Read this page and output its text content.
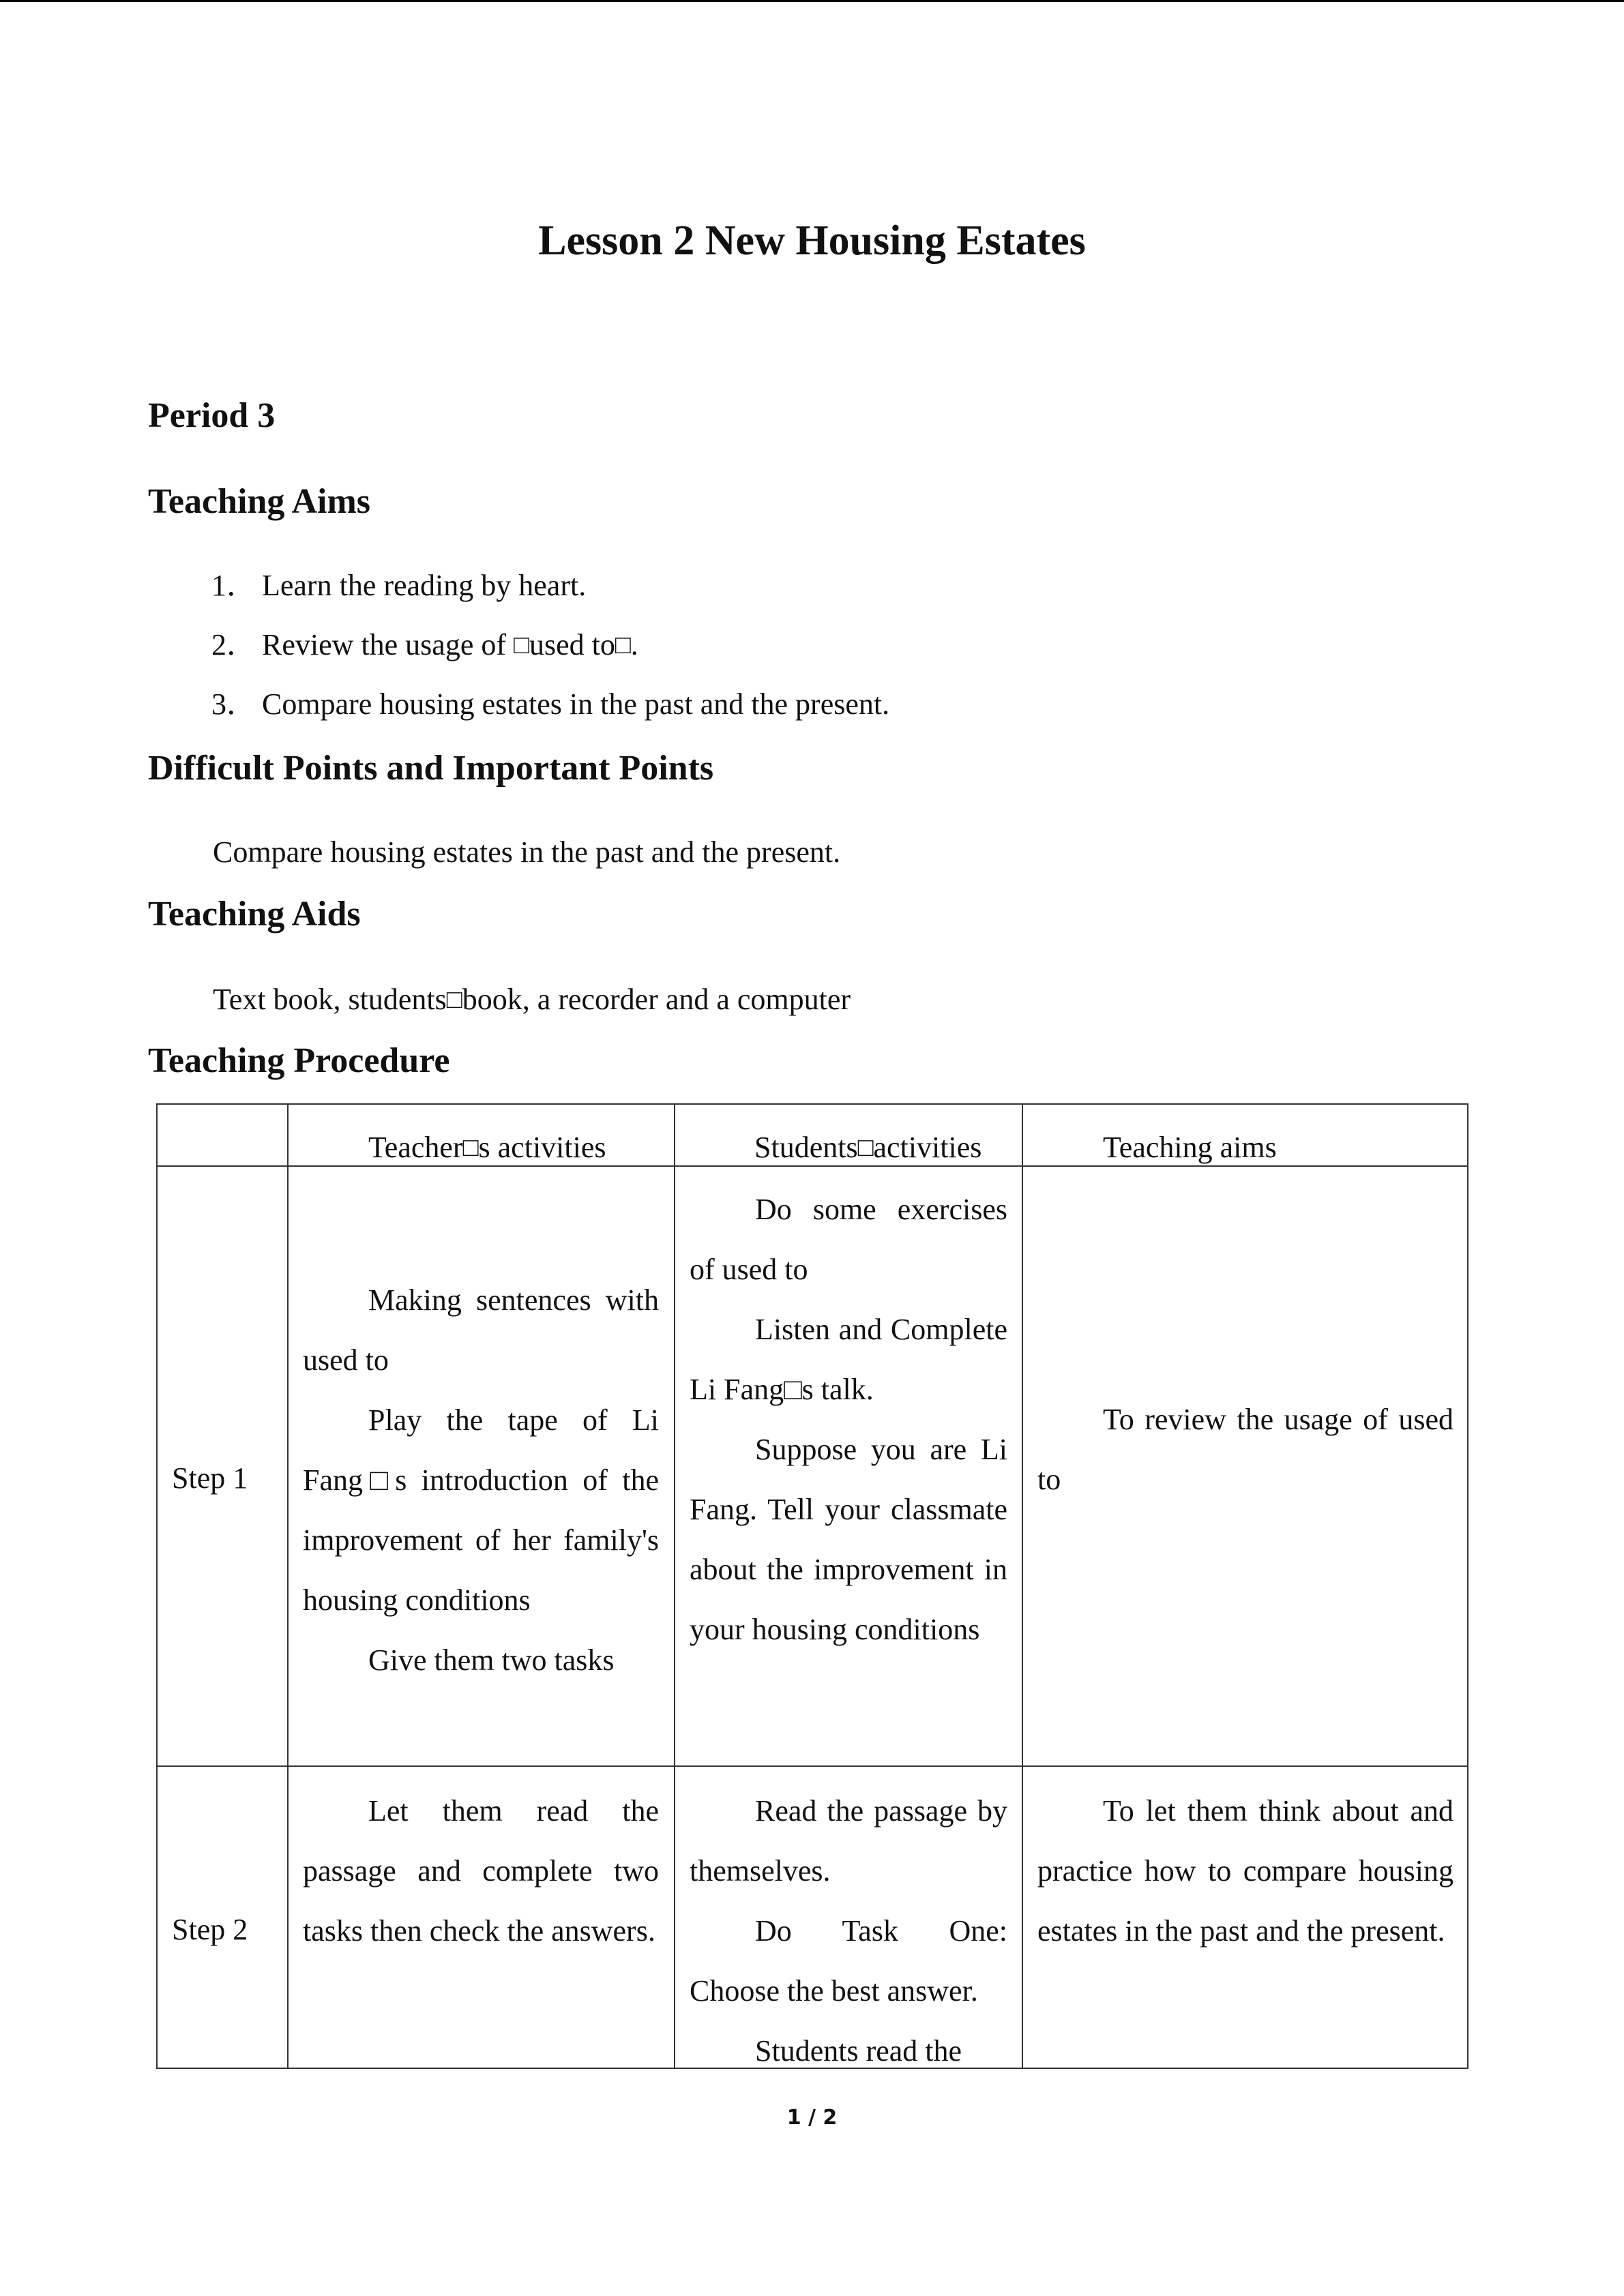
Lesson 2 New Housing Estates
Period 3
Teaching Aims
1． Learn the reading by heart.
2． Review the usage of □used to□.
3． Compare housing estates in the past and the present.
Difficult Points and Important Points
Compare housing estates in the past and the present.
Teaching Aids
Text book, students□book, a recorder and a computer
Teaching Procedure
Teacher□s activities	Students□activities	Teaching aims
Step 1

Making sentences with used to

Play the tape of Li Fang□s introduction of the improvement of her family's housing conditions

Give them two tasks

Do some exercises of used to

Listen and Complete Li Fang□s talk.

Suppose you are Li Fang. Tell your classmate about the improvement in your housing conditions

To review the usage of used to

Step 2

Let them read the passage and complete two tasks then check the answers.

Read the passage by themselves.

Do Task One: Choose the best answer.

Students read the

To let them think about and practice how to compare housing estates in the past and the present.

1 / 2
